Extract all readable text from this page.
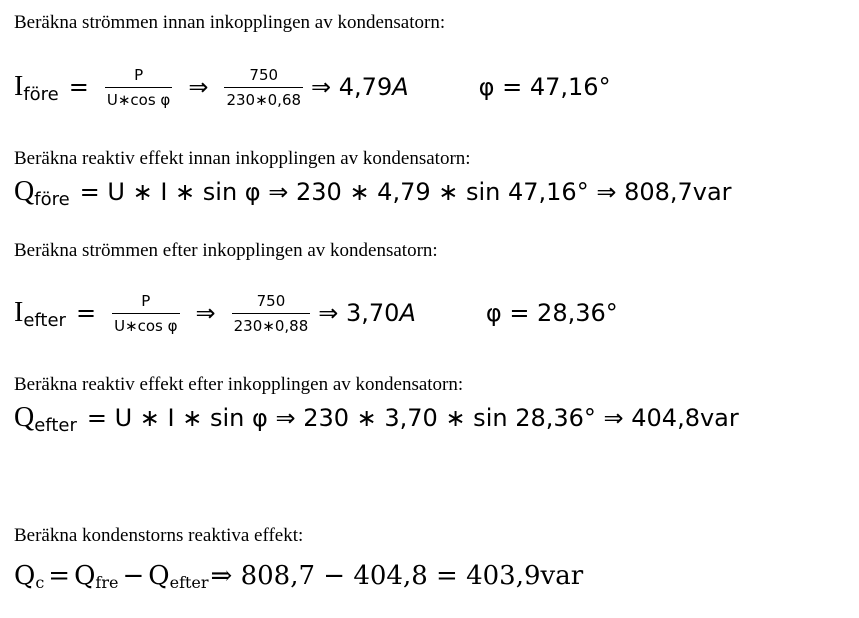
Beräkna strömmen innan inkopplingen av kondensatorn:
I före = $\frac{P}{\text{U∗cos φ}}$ ⇒ $\frac{750}{230∗0,68}$ ⇒ 4,79 A	φ = 47,16°
Beräkna reaktiv effekt innan inkopplingen av kondensatorn:
Q före = U ∗ I ∗ sin φ ⇒ 230 ∗ 4,79 ∗ sin 47,16° ⇒ 808,7var
Beräkna strömmen efter inkopplingen av kondensatorn:
I efter = $\frac{P}{\text{U∗cos φ}}$ ⇒ $\frac{750}{230∗0,88}$ ⇒ 3,70 A	φ = 28,36°
Beräkna reaktiv effekt efter inkopplingen av kondensatorn:
Q efter = U ∗ I ∗ sin φ ⇒ 230 ∗ 3,70 ∗ sin 28,36° ⇒ 404,8var
Beräkna kondenstorns reaktiva effekt:
Q c = Q fre − Q efter ⇒ 808,7 − 404,8 = 403,9var
